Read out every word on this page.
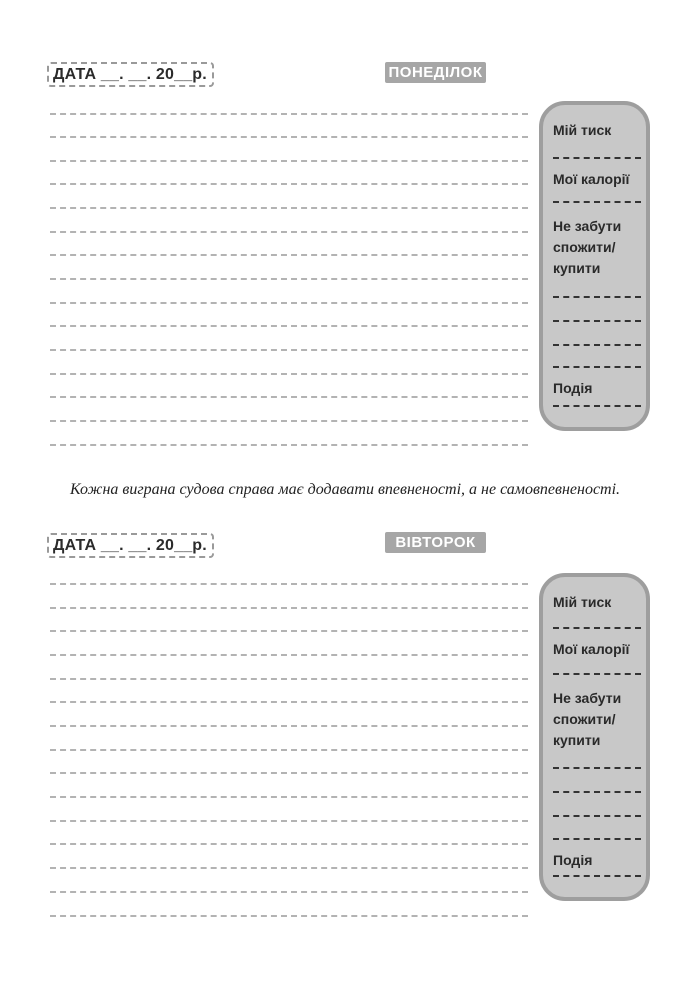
ДАТА __. __. 20__р.	ПОНЕДІЛОК
Мій тиск
Мої калорії
Не забути
спожити/
купити
Подія
Кожна виграна судова справа має додавати впевненості, а не самовпевненості.
ДАТА __. __. 20__р.	ВІВТОРОК
Мій тиск
Мої калорії
Не забути
спожити/
купити
Подія
